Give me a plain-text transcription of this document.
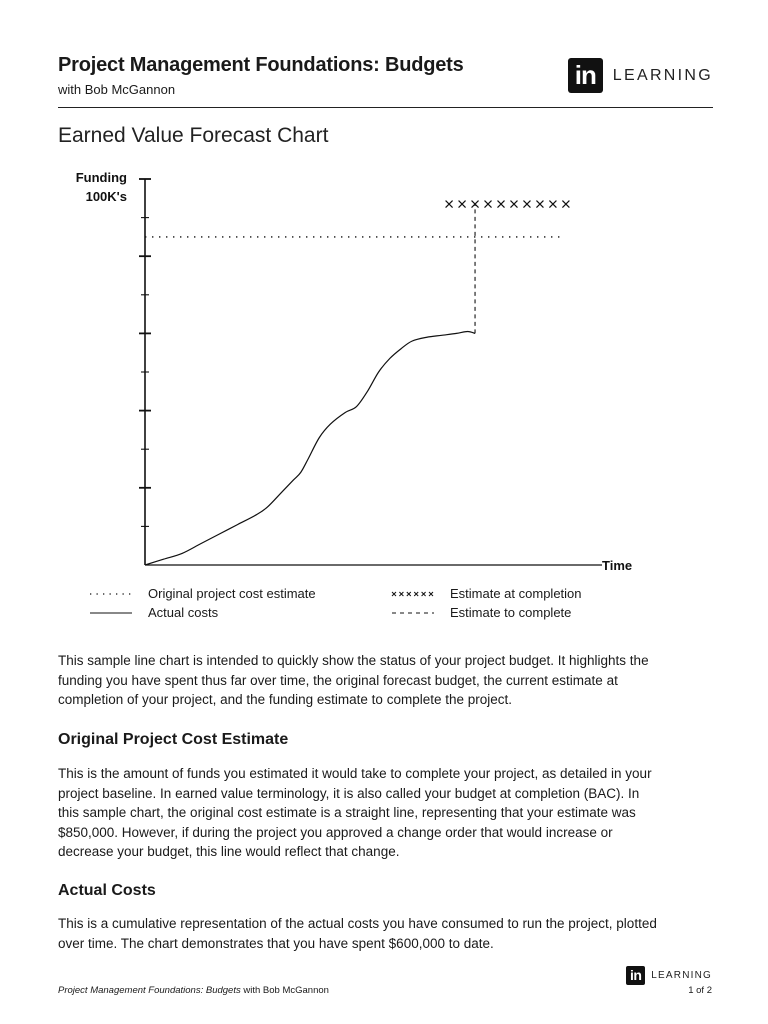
Project Management Foundations: Budgets
with Bob McGannon	in	LEARNING
Earned Value Forecast Chart
Funding
100K's
Time
Original project cost estimate
Actual costs
Estimate at completion
Estimate to complete

This sample line chart is intended to quickly show the status of your project budget. It highlights the funding you have spent thus far over time, the original forecast budget, the current estimate at completion of your project, and the funding estimate to complete the project.

Original Project Cost Estimate

This is the amount of funds you estimated it would take to complete your project, as detailed in your project baseline. In earned value terminology, it is also called your budget at completion (BAC). In this sample chart, the original cost estimate is a straight line, representing that your estimate was $850,000. However, if during the project you approved a change order that would increase or decrease your budget, this line would reflect that change.

Actual Costs

This is a cumulative representation of the actual costs you have consumed to run the project, plotted over time. The chart demonstrates that you have spent $600,000 to date.

Project Management Foundations: Budgets with Bob McGannon
in LEARNING
1 of 2
